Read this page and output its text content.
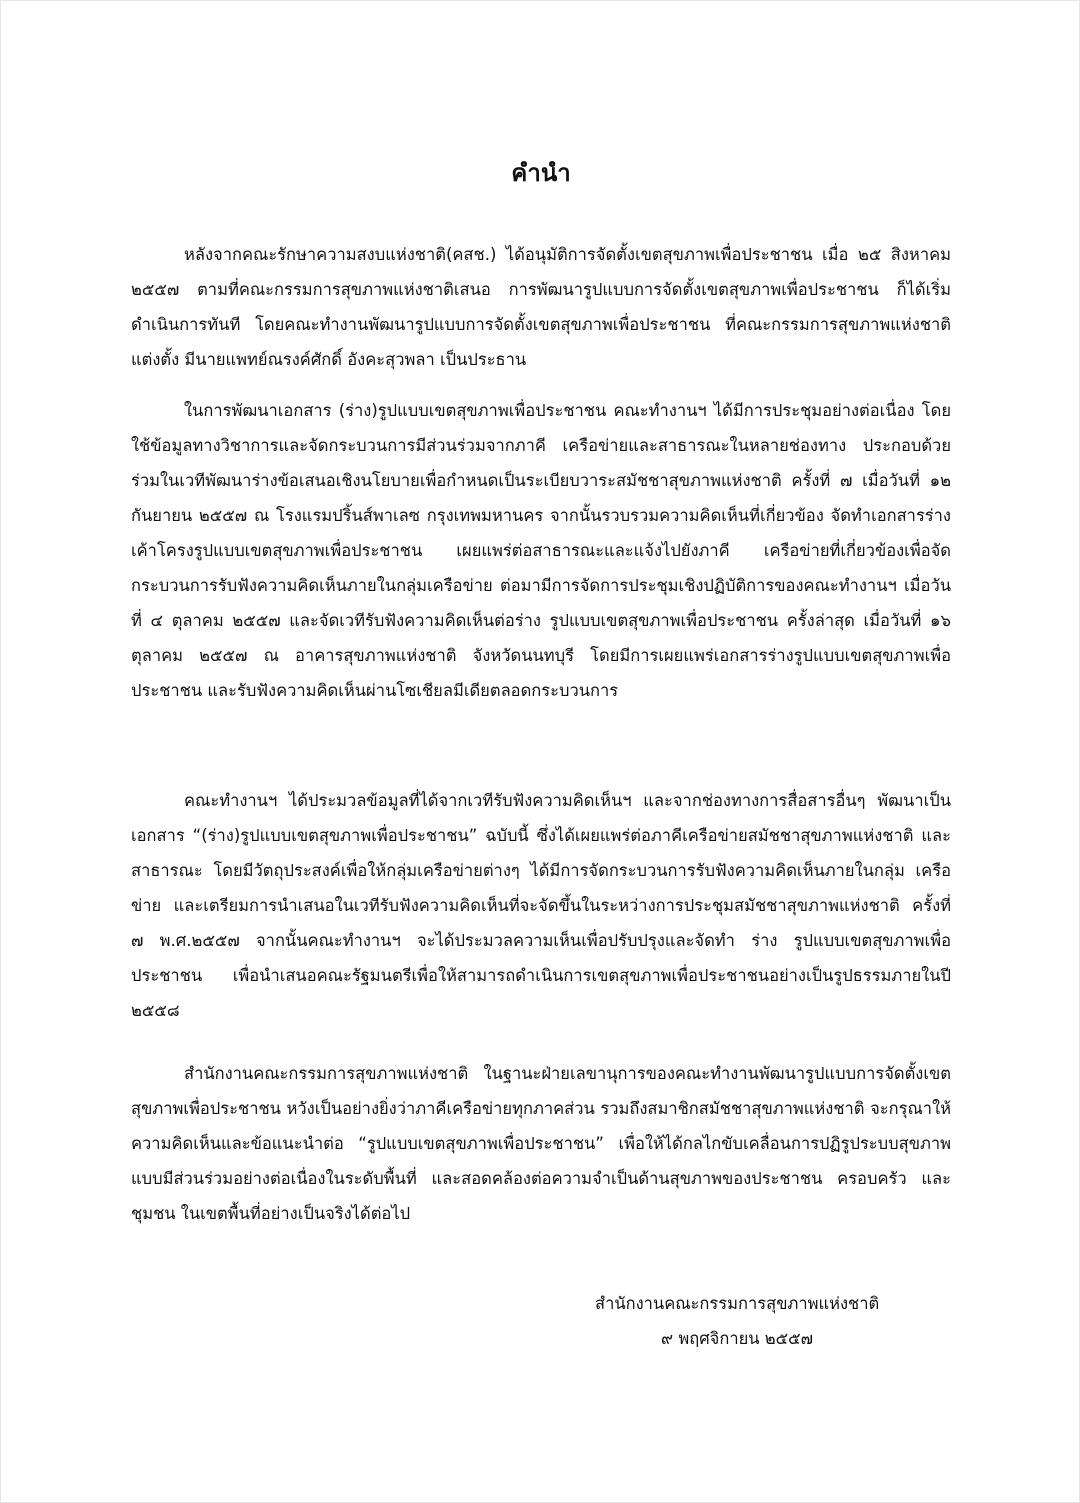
คำนำ

หลังจากคณะรักษาความสงบแห่งชาติ(คสช.) ได้อนุมัติการจัดตั้งเขตสุขภาพเพื่อประชาชน เมื่อ ๒๕ สิงหาคม ๒๕๕๗ ตามที่คณะกรรมการสุขภาพแห่งชาติเสนอ การพัฒนารูปแบบการจัดตั้งเขตสุขภาพเพื่อประชาชน ก็ได้เริ่มดำเนินการทันที โดยคณะทำงานพัฒนารูปแบบการจัดตั้งเขตสุขภาพเพื่อประชาชน ที่คณะกรรมการสุขภาพแห่งชาติแต่งตั้ง มีนายแพทย์ณรงค์ศักดิ์ อังคะสุวพลา เป็นประธาน

ในการพัฒนาเอกสาร (ร่าง)รูปแบบเขตสุขภาพเพื่อประชาชน คณะทำงานฯ ได้มีการประชุมอย่างต่อเนื่อง โดยใช้ข้อมูลทางวิชาการและจัดกระบวนการมีส่วนร่วมจากภาคี เครือข่ายและสาธารณะในหลายช่องทาง ประกอบด้วย ร่วมในเวทีพัฒนาร่างข้อเสนอเชิงนโยบายเพื่อกำหนดเป็นระเบียบวาระสมัชชาสุขภาพแห่งชาติ ครั้งที่ ๗ เมื่อวันที่ ๑๒ กันยายน ๒๕๕๗ ณ โรงแรมปริ้นส์พาเลซ กรุงเทพมหานคร จากนั้นรวบรวมความคิดเห็นที่เกี่ยวข้อง จัดทำเอกสารร่างเค้าโครงรูปแบบเขตสุขภาพเพื่อประชาชน เผยแพร่ต่อสาธารณะและแจ้งไปยังภาคี เครือข่ายที่เกี่ยวข้องเพื่อจัดกระบวนการรับฟังความคิดเห็นภายในกลุ่มเครือข่าย ต่อมามีการจัดการประชุมเชิงปฏิบัติการของคณะทำงานฯ เมื่อวันที่ ๔ ตุลาคม ๒๕๕๗ และจัดเวทีรับฟังความคิดเห็นต่อร่าง รูปแบบเขตสุขภาพเพื่อประชาชน ครั้งล่าสุด เมื่อวันที่ ๑๖ ตุลาคม ๒๕๕๗ ณ อาคารสุขภาพแห่งชาติ จังหวัดนนทบุรี โดยมีการเผยแพร่เอกสารร่างรูปแบบเขตสุขภาพเพื่อประชาชน และรับฟังความคิดเห็นผ่านโซเชียลมีเดียตลอดกระบวนการ

คณะทำงานฯ ได้ประมวลข้อมูลที่ได้จากเวทีรับฟังความคิดเห็นฯ และจากช่องทางการสื่อสารอื่นๆ พัฒนาเป็นเอกสาร “(ร่าง)รูปแบบเขตสุขภาพเพื่อประชาชน” ฉบับนี้ ซึ่งได้เผยแพร่ต่อภาคีเครือข่ายสมัชชาสุขภาพแห่งชาติ และสาธารณะ โดยมีวัตถุประสงค์เพื่อให้กลุ่มเครือข่ายต่างๆ ได้มีการจัดกระบวนการรับฟังความคิดเห็นภายในกลุ่ม เครือข่าย และเตรียมการนำเสนอในเวทีรับฟังความคิดเห็นที่จะจัดขึ้นในระหว่างการประชุมสมัชชาสุขภาพแห่งชาติ ครั้งที่ ๗ พ.ศ.๒๕๕๗ จากนั้นคณะทำงานฯ จะได้ประมวลความเห็นเพื่อปรับปรุงและจัดทำ ร่าง รูปแบบเขตสุขภาพเพื่อประชาชน เพื่อนำเสนอคณะรัฐมนตรีเพื่อให้สามารถดำเนินการเขตสุขภาพเพื่อประชาชนอย่างเป็นรูปธรรมภายในปี ๒๕๕๘

สำนักงานคณะกรรมการสุขภาพแห่งชาติ ในฐานะฝ่ายเลขานุการของคณะทำงานพัฒนารูปแบบการจัดตั้งเขตสุขภาพเพื่อประชาชน หวังเป็นอย่างยิ่งว่าภาคีเครือข่ายทุกภาคส่วน รวมถึงสมาชิกสมัชชาสุขภาพแห่งชาติ จะกรุณาให้ความคิดเห็นและข้อแนะนำต่อ “รูปแบบเขตสุขภาพเพื่อประชาชน” เพื่อให้ได้กลไกขับเคลื่อนการปฏิรูประบบสุขภาพแบบมีส่วนร่วมอย่างต่อเนื่องในระดับพื้นที่ และสอดคล้องต่อความจำเป็นด้านสุขภาพของประชาชน ครอบครัว และชุมชน ในเขตพื้นที่อย่างเป็นจริงได้ต่อไป

สำนักงานคณะกรรมการสุขภาพแห่งชาติ
๙ พฤศจิกายน ๒๕๕๗
